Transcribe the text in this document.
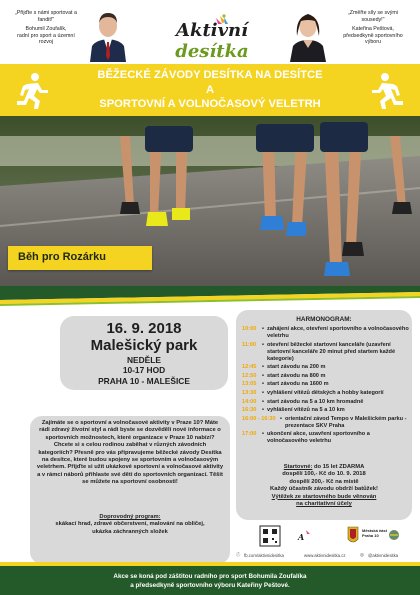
„Přijďte s námi sportovat a fandit!"
Bohumil Zoufalík,
radní pro sport a územní rozvoj
Aktivní desítka
„Změřte síly se svými sousedy!"
Kateřina Peštová,
předsedkyně sportovního výboru
BĚŽECKÉ ZÁVODY DESÍTKA NA DESÍTCE
A
SPORTOVNÍ A VOLNOČASOVÝ VELETRH
Běh pro Rozárku
16. 9. 2018
Malešický park
NEDĚLE
10-17 HOD
PRAHA 10 - MALEŠICE
Zajímáte se o sportovní a volnočasové aktivity v Praze 10? Máte rádi zdravý životní styl a rádi byste se dozvěděli nové informace o sportovních možnostech, které organizace v Praze 10 nabízí? Chcete si s celou rodinou zaběhat v různých závodních kategoriích? Přesně pro vás připravujeme běžecké závody Desítka na desítce, které budou spojeny se sportovním a volnočasovým veletrhem. Přijďte si užít ukázkové sportovní a volnočasové aktivity a v rámci náborů přihlaste své děti do sportovních organizací. Těšit se můžete na sportovní osobnosti!
Doprovodný program:
skákací hrad, zdravé občerstvení, malování na obličej,
ukázka záchranných složek
HARMONOGRAM:
10:00	• zahájení akce, otevření sportovního a volnočasového veletrhu
11:00	• otevření běžecké startovní kanceláře (uzavření startovní kanceláře 20 minut před startem každé kategorie)
12:45	• start závodu na 200 m
12:50	• start závodu na 800 m
13:05	• start závodu na 1600 m
13:30	• vyhlášení vítězů dětských a hobby kategorií
14:00	• start závodu na 5 a 10 km hromadně
16:30	• vyhlášení vítězů na 5 a 10 km
16:00 - 16:30 • orientační závod Tempo v Malešickém parku - prezentace SKV Praha
17:00	• ukončení akce, uzavření sportovního a volnočasového veletrhu
Startovné: do 15 let ZDARMA
dospělí 100,- Kč do 10. 9. 2018
dospělí 200,- Kč na místě
Každý účastník závodu obdrží batůžek!
Výtěžek ze startovného bude věnován
na charitativní účely
A
Městská část Praha 10
ⓕ fb.com/aktivnidesitka	www.aktivnidesitka.cz	◎ @aktivnidesitka
Akce se koná pod záštitou radního pro sport Bohumila Zoufalíka
a předsedkyně sportovního výboru Kateřiny Peštové.
